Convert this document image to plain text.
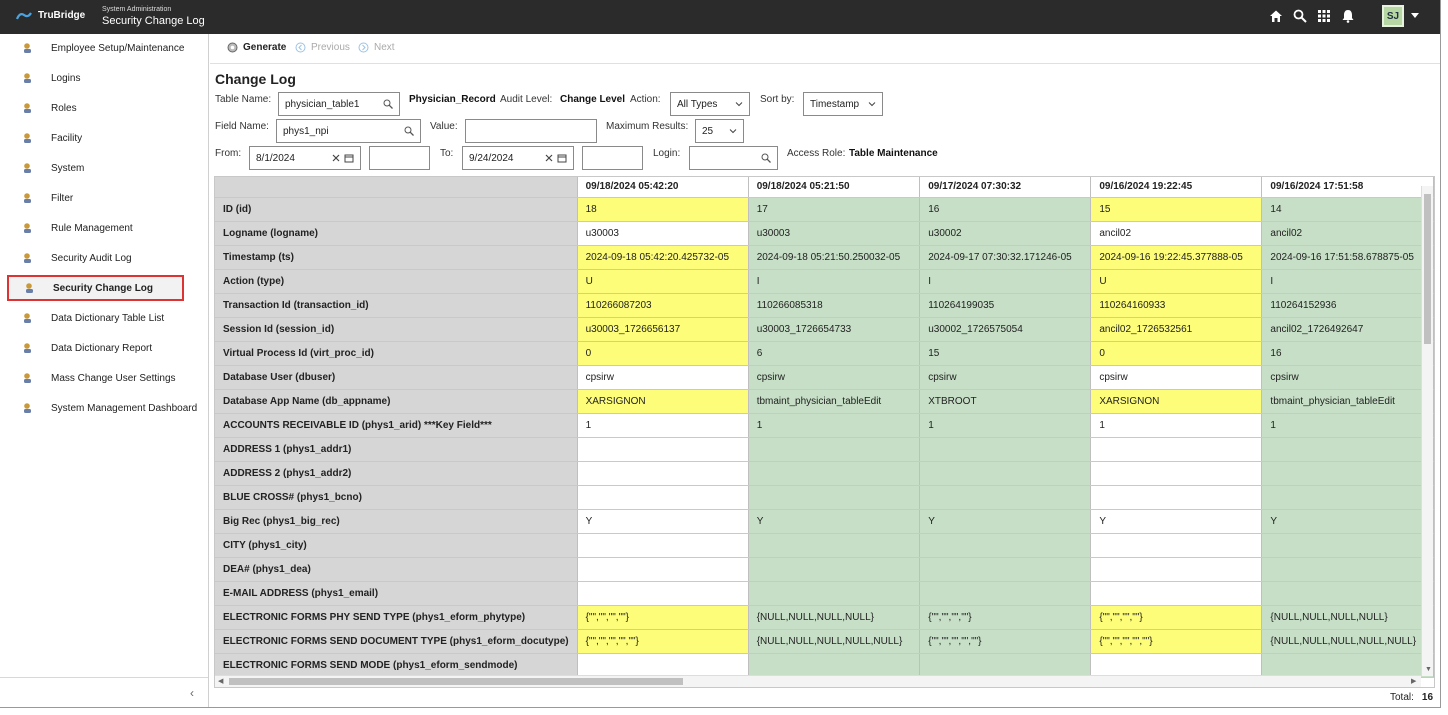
TruBridge
System Administration
Security Change Log	SJ
Employee Setup/Maintenance
Logins
Roles
Facility
System
Filter
Rule Management
Security Audit Log
Security Change Log
Data Dictionary Table List
Data Dictionary Report
Mass Change User Settings
System Management Dashboard
‹
Generate Previous Next
Change Log
Table Name: physician_table1	Physician_Record Audit Level: Change Level Action: All Types	Sort by: Timestamp
Field Name: phys1_npi	Value:	Maximum Results: 25
From: 8/1/2024	To: 9/24/2024	Login:	Access Role: Table Maintenance
	09/18/2024 05:42:20	09/18/2024 05:21:50	09/17/2024 07:30:32	09/16/2024 19:22:45	09/16/2024 17:51:58
ID (id)	18	17	16	15	14
Logname (logname)	u30003	u30003	u30002	ancil02	ancil02
Timestamp (ts)	2024-09-18 05:42:20.425732-05	2024-09-18 05:21:50.250032-05	2024-09-17 07:30:32.171246-05	2024-09-16 19:22:45.377888-05	2024-09-16 17:51:58.678875-05
Action (type)	U	I	I	U	I
Transaction Id (transaction_id)	110266087203	110266085318	110264199035	110264160933	110264152936
Session Id (session_id)	u30003_1726656137	u30003_1726654733	u30002_1726575054	ancil02_1726532561	ancil02_1726492647
Virtual Process Id (virt_proc_id)	0	6	15	0	16
Database User (dbuser)	cpsirw	cpsirw	cpsirw	cpsirw	cpsirw
Database App Name (db_appname)	XARSIGNON	tbmaint_physician_tableEdit	XTBROOT	XARSIGNON	tbmaint_physician_tableEdit
ACCOUNTS RECEIVABLE ID (phys1_arid) ***Key Field***	1	1	1	1	1
ADDRESS 1 (phys1_addr1)					
ADDRESS 2 (phys1_addr2)					
BLUE CROSS# (phys1_bcno)					
Big Rec (phys1_big_rec)	Y	Y	Y	Y	Y
CITY (phys1_city)					
DEA# (phys1_dea)					
E-MAIL ADDRESS (phys1_email)					
ELECTRONIC FORMS PHY SEND TYPE (phys1_eform_phytype)	{"","","",""}	{NULL,NULL,NULL,NULL}	{"","","",""}	{"","","",""}	{NULL,NULL,NULL,NULL}
ELECTRONIC FORMS SEND DOCUMENT TYPE (phys1_eform_docutype)	{"","","","",""}	{NULL,NULL,NULL,NULL,NULL}	{"","","","",""}	{"","","","",""}	{NULL,NULL,NULL,NULL,NULL}
ELECTRONIC FORMS SEND MODE (phys1_eform_sendmode)						▼
◀	▶
Total: 16
